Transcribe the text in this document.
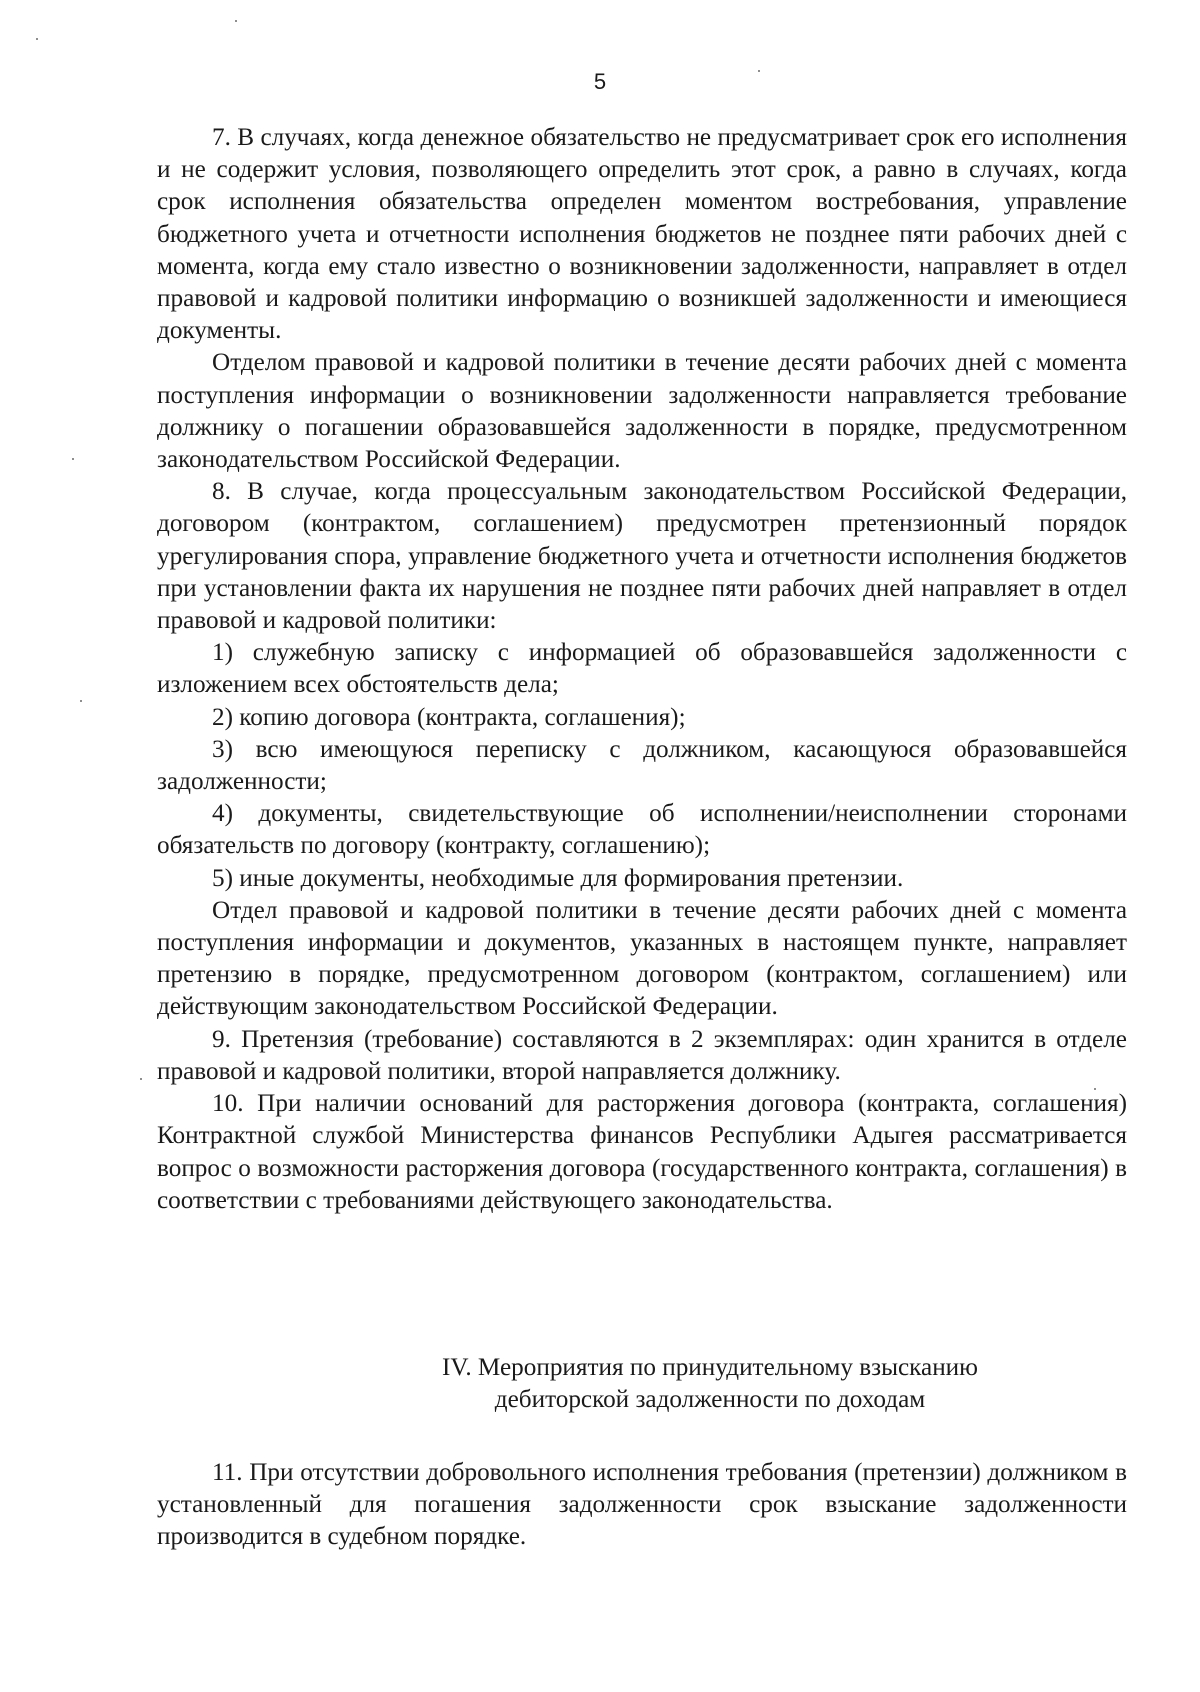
5

7. В случаях, когда денежное обязательство не предусматривает срок его исполнения и не содержит условия, позволяющего определить этот срок, а равно в случаях, когда срок исполнения обязательства определен моментом востребования, управление бюджетного учета и отчетности исполнения бюджетов не позднее пяти рабочих дней с момента, когда ему стало известно о возникновении задолженности, направляет в отдел правовой и кадровой политики информацию о возникшей задолженности и имеющиеся документы.

Отделом правовой и кадровой политики в течение десяти рабочих дней с момента поступления информации о возникновении задолженности направляется требование должнику о погашении образовавшейся задолженности в порядке, предусмотренном законодательством Российской Федерации.

8. В случае, когда процессуальным законодательством Российской Федерации, договором (контрактом, соглашением) предусмотрен претензионный порядок урегулирования спора, управление бюджетного учета и отчетности исполнения бюджетов при установлении факта их нарушения не позднее пяти рабочих дней направляет в отдел правовой и кадровой политики:

1) служебную записку с информацией об образовавшейся задолженности с изложением всех обстоятельств дела;

2) копию договора (контракта, соглашения);

3) всю имеющуюся переписку с должником, касающуюся образовавшейся задолженности;

4) документы, свидетельствующие об исполнении/неисполнении сторонами обязательств по договору (контракту, соглашению);

5) иные документы, необходимые для формирования претензии.

Отдел правовой и кадровой политики в течение десяти рабочих дней с момента поступления информации и документов, указанных в настоящем пункте, направляет претензию в порядке, предусмотренном договором (контрактом, соглашением) или действующим законодательством Российской Федерации.

9. Претензия (требование) составляются в 2 экземплярах: один хранится в отделе правовой и кадровой политики, второй направляется должнику.

10. При наличии оснований для расторжения договора (контракта, соглашения) Контрактной службой Министерства финансов Республики Адыгея рассматривается вопрос о возможности расторжения договора (государственного контракта, соглашения) в соответствии с требованиями действующего законодательства.

IV. Мероприятия по принудительному взысканию
дебиторской задолженности по доходам

11. При отсутствии добровольного исполнения требования (претензии) должником в установленный для погашения задолженности срок взыскание задолженности производится в судебном порядке.
